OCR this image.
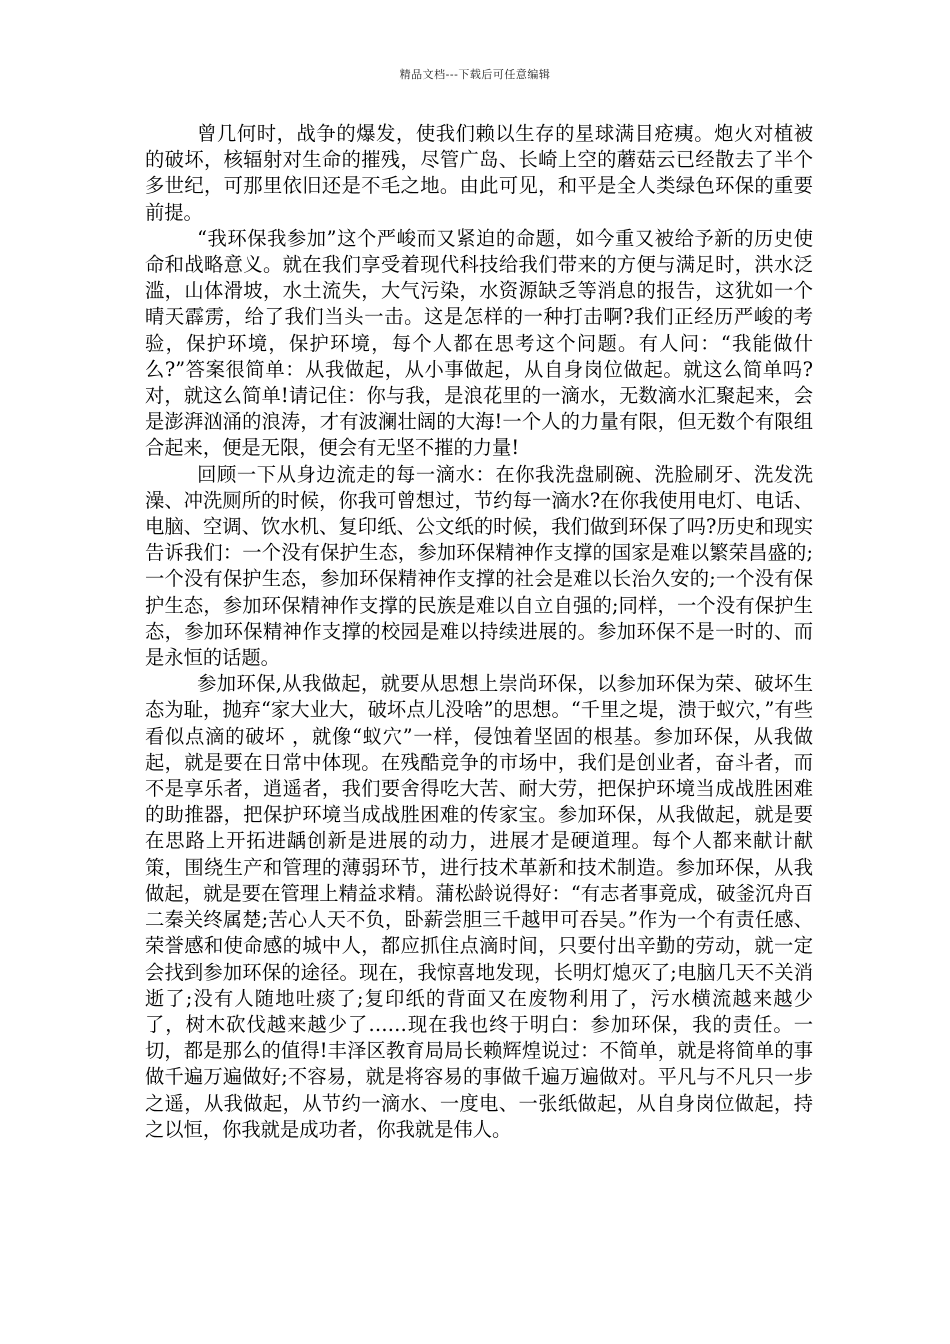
精品文档---下载后可任意编辑

曾几何时，战争的爆发，使我们赖以生存的星球满目疮痍。炮火对植被的破坏，核辐射对生命的摧残，尽管广岛、长崎上空的蘑菇云已经散去了半个多世纪，可那里依旧还是不毛之地。由此可见，和平是全人类绿色环保的重要前提。

“我环保我参加”这个严峻而又紧迫的命题，如今重又被给予新的历史使命和战略意义。就在我们享受着现代科技给我们带来的方便与满足时，洪水泛滥，山体滑坡，水土流失，大气污染，水资源缺乏等消息的报告，这犹如一个晴天霹雳，给了我们当头一击。这是怎样的一种打击啊?我们正经历严峻的考验，保护环境，保护环境，每个人都在思考这个问题。有人问：“我能做什么?”答案很简单：从我做起，从小事做起，从自身岗位做起。就这么简单吗?对，就这么简单!请记住：你与我，是浪花里的一滴水，无数滴水汇聚起来，会是澎湃汹涌的浪涛，才有波澜壮阔的大海!一个人的力量有限，但无数个有限组合起来，便是无限，便会有无坚不摧的力量!

回顾一下从身边流走的每一滴水：在你我洗盘刷碗、洗脸刷牙、洗发洗澡、冲洗厕所的时候，你我可曾想过，节约每一滴水?在你我使用电灯、电话、电脑、空调、饮水机、复印纸、公文纸的时候，我们做到环保了吗?历史和现实告诉我们：一个没有保护生态，参加环保精神作支撑的国家是难以繁荣昌盛的;一个没有保护生态，参加环保精神作支撑的社会是难以长治久安的;一个没有保护生态，参加环保精神作支撑的民族是难以自立自强的;同样，一个没有保护生态，参加环保精神作支撑的校园是难以持续进展的。参加环保不是一时的、而是永恒的话题。

参加环保,从我做起，就要从思想上崇尚环保，以参加环保为荣、破坏生态为耻，抛弃“家大业大，破坏点儿没啥”的思想。“千里之堤，溃于蚁穴，”有些看似点滴的破坏 ，就像“蚁穴”一样，侵蚀着坚固的根基。参加环保，从我做起，就是要在日常中体现。在残酷竞争的市场中，我们是创业者，奋斗者，而不是享乐者，逍遥者，我们要舍得吃大苦、耐大劳，把保护环境当成战胜困难的助推器，把保护环境当成战胜困难的传家宝。参加环保，从我做起，就是要在思路上开拓进龋创新是进展的动力，进展才是硬道理。每个人都来献计献策，围绕生产和管理的薄弱环节，进行技术革新和技术制造。参加环保，从我做起，就是要在管理上精益求精。蒲松龄说得好：“有志者事竟成，破釜沉舟百二秦关终属楚;苦心人天不负，卧薪尝胆三千越甲可吞吴。”作为一个有责任感、荣誉感和使命感的城中人，都应抓住点滴时间，只要付出辛勤的劳动，就一定会找到参加环保的途径。现在，我惊喜地发现，长明灯熄灭了;电脑几天不关消逝了;没有人随地吐痰了;复印纸的背面又在废物利用了，污水横流越来越少了，树木砍伐越来越少了……现在我也终于明白：参加环保，我的责任。一切，都是那么的值得!丰泽区教育局局长赖辉煌说过：不简单，就是将简单的事做千遍万遍做好;不容易，就是将容易的事做千遍万遍做对。平凡与不凡只一步之遥，从我做起，从节约一滴水、一度电、一张纸做起，从自身岗位做起，持之以恒，你我就是成功者，你我就是伟人。
